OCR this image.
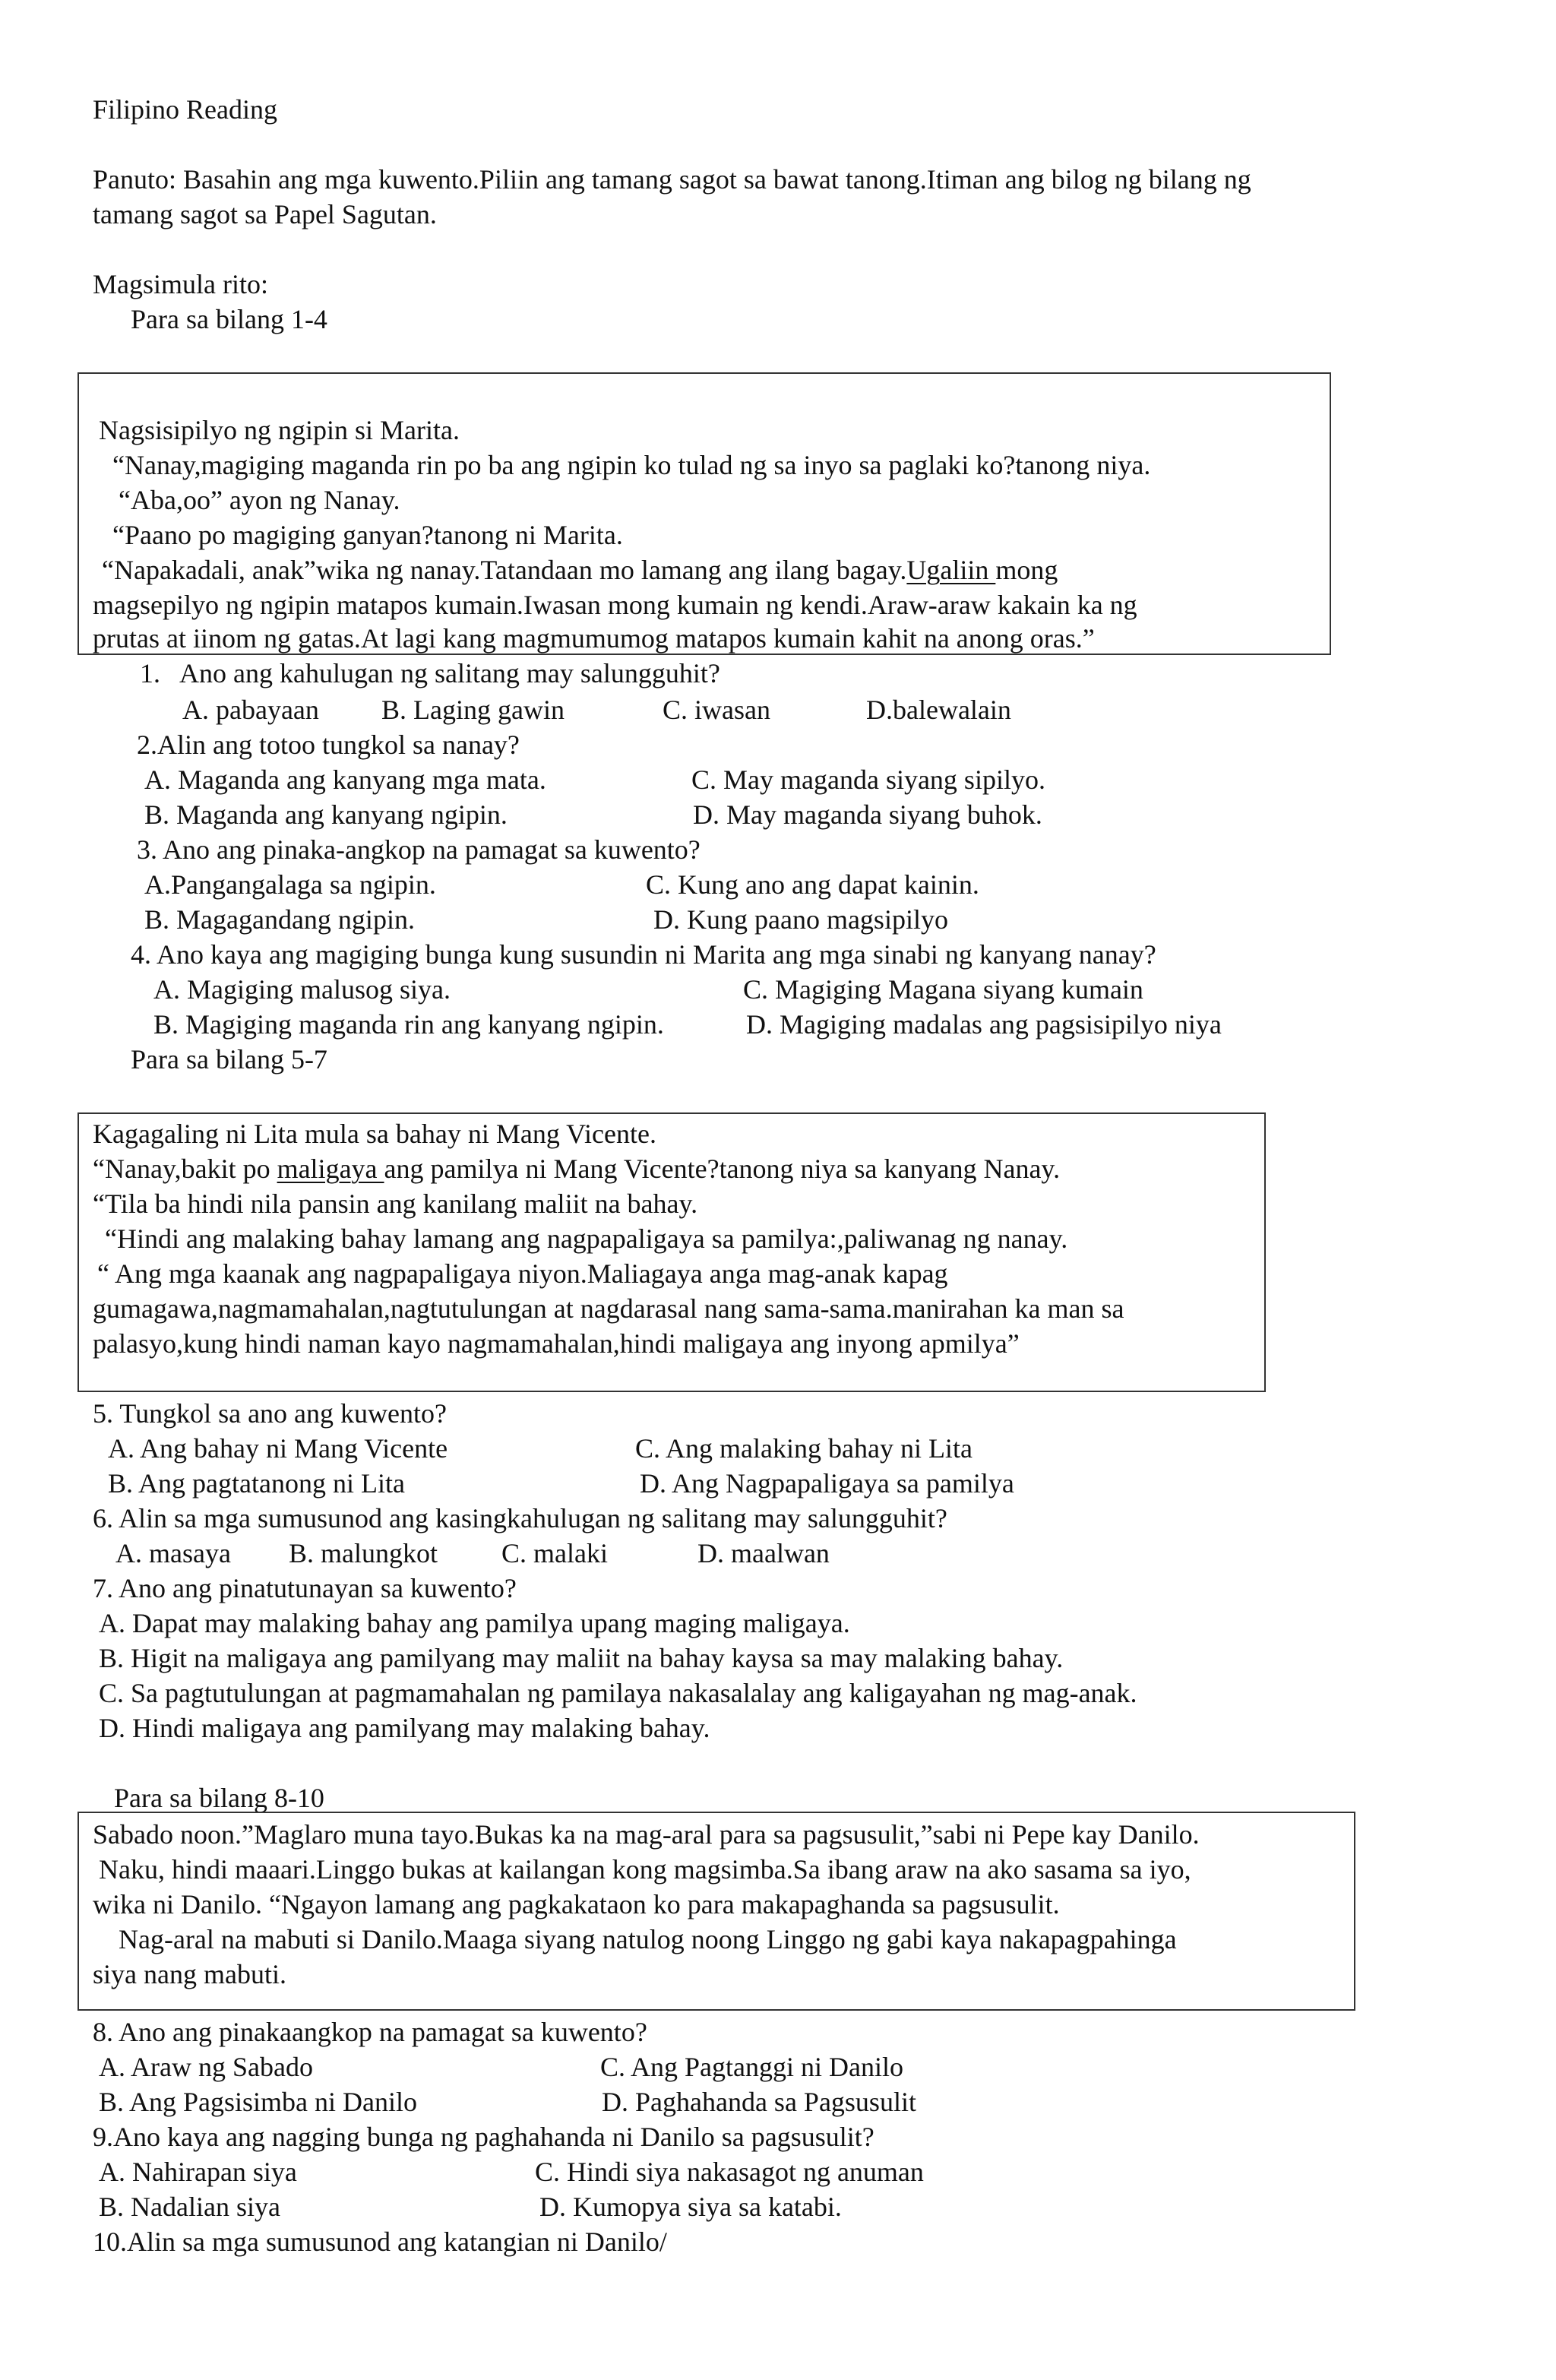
Filipino Reading
Panuto: Basahin ang mga kuwento.Piliin ang tamang sagot sa bawat tanong.Itiman ang bilog ng bilang ng
tamang sagot sa Papel Sagutan.
Magsimula rito:
Para sa bilang 1-4
Nagsisipilyo ng ngipin si Marita.
“Nanay,magiging maganda rin po ba ang ngipin ko tulad ng sa inyo sa paglaki ko?tanong niya.
“Aba,oo” ayon ng Nanay.
“Paano po magiging ganyan?tanong ni Marita.
“Napakadali, anak”wika ng nanay.Tatandaan mo lamang ang ilang bagay.Ugaliin mong
magsepilyo ng ngipin matapos kumain.Iwasan mong kumain ng kendi.Araw-araw kakain ka ng
prutas at iinom ng gatas.At lagi kang magmumumog matapos kumain kahit na anong oras.”
1.   Ano ang kahulugan ng salitang may salungguhit?
A. pabayaan B. Laging gawin	C. iwasan	D.balewalain
2.Alin ang totoo tungkol sa nanay?
A. Maganda ang kanyang mga mata.	C. May maganda siyang sipilyo.
B. Maganda ang kanyang ngipin.	D. May maganda siyang buhok.
3. Ano ang pinaka-angkop na pamagat sa kuwento?
A.Pangangalaga sa ngipin.	C. Kung ano ang dapat kainin.
B. Magagandang ngipin.	D. Kung paano magsipilyo
4. Ano kaya ang magiging bunga kung susundin ni Marita ang mga sinabi ng kanyang nanay?
A. Magiging malusog siya.	C. Magiging Magana siyang kumain
B. Magiging maganda rin ang kanyang ngipin.	D. Magiging madalas ang pagsisipilyo niya
Para sa bilang 5-7
Kagagaling ni Lita mula sa bahay ni Mang Vicente.
“Nanay,bakit po maligaya ang pamilya ni Mang Vicente?tanong niya sa kanyang Nanay.
“Tila ba hindi nila pansin ang kanilang maliit na bahay.
“Hindi ang malaking bahay lamang ang nagpapaligaya sa pamilya:,paliwanag ng nanay.
“ Ang mga kaanak ang nagpapaligaya niyon.Maliagaya anga mag-anak kapag
gumagawa,nagmamahalan,nagtutulungan at nagdarasal nang sama-sama.manirahan ka man sa
palasyo,kung hindi naman kayo nagmamahalan,hindi maligaya ang inyong apmilya”
5. Tungkol sa ano ang kuwento?
A. Ang bahay ni Mang Vicente	C. Ang malaking bahay ni Lita
B. Ang pagtatanong ni Lita	D. Ang Nagpapaligaya sa pamilya
6. Alin sa mga sumusunod ang kasingkahulugan ng salitang may salungguhit?
A. masaya B. malungkot C. malaki	D. maalwan
7. Ano ang pinatutunayan sa kuwento?
A. Dapat may malaking bahay ang pamilya upang maging maligaya.
B. Higit na maligaya ang pamilyang may maliit na bahay kaysa sa may malaking bahay.
C. Sa pagtutulungan at pagmamahalan ng pamilaya nakasalalay ang kaligayahan ng mag-anak.
D. Hindi maligaya ang pamilyang may malaking bahay.
Para sa bilang 8-10
Sabado noon.”Maglaro muna tayo.Bukas ka na mag-aral para sa pagsusulit,”sabi ni Pepe kay Danilo.
Naku, hindi maaari.Linggo bukas at kailangan kong magsimba.Sa ibang araw na ako sasama sa iyo,
wika ni Danilo. “Ngayon lamang ang pagkakataon ko para makapaghanda sa pagsusulit.
Nag-aral na mabuti si Danilo.Maaga siyang natulog noong Linggo ng gabi kaya nakapagpahinga
siya nang mabuti.
8. Ano ang pinakaangkop na pamagat sa kuwento?
A. Araw ng Sabado	C. Ang Pagtanggi ni Danilo
B. Ang Pagsisimba ni Danilo	D. Paghahanda sa Pagsusulit
9.Ano kaya ang nagging bunga ng paghahanda ni Danilo sa pagsusulit?
A. Nahirapan siya	C. Hindi siya nakasagot ng anuman
B. Nadalian siya	D. Kumopya siya sa katabi.
10.Alin sa mga sumusunod ang katangian ni Danilo/
